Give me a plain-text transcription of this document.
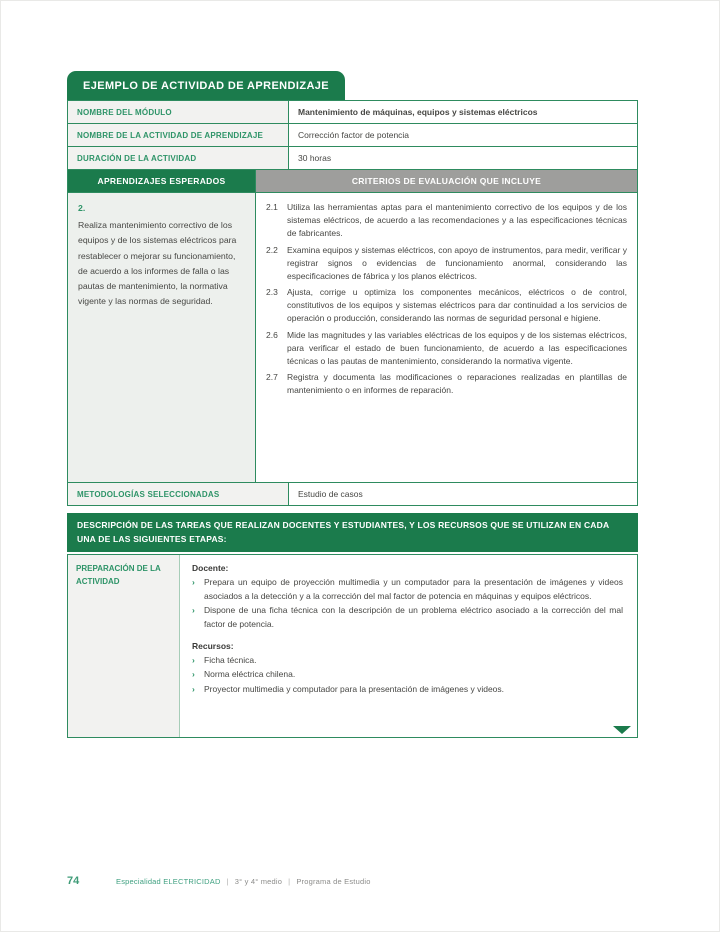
EJEMPLO DE ACTIVIDAD DE APRENDIZAJE
NOMBRE DEL MÓDULO	Mantenimiento de máquinas, equipos y sistemas eléctricos
NOMBRE DE LA ACTIVIDAD DE APRENDIZAJE	Corrección factor de potencia
DURACIÓN DE LA ACTIVIDAD	30 horas
APRENDIZAJES ESPERADOS	CRITERIOS DE EVALUACIÓN QUE INCLUYE
2.
Realiza mantenimiento correctivo de los equipos y de los sistemas eléctricos para restablecer o mejorar su funcionamiento, de acuerdo a los informes de falla o las pautas de mantenimiento, la normativa vigente y las normas de seguridad.
2.1	Utiliza las herramientas aptas para el mantenimiento correctivo de los equipos y de los sistemas eléctricos, de acuerdo a las recomendaciones y a las especificaciones técnicas de fabricantes.
2.2	Examina equipos y sistemas eléctricos, con apoyo de instrumentos, para medir, verificar y registrar signos o evidencias de funcionamiento anormal, considerando las especificaciones de fábrica y los planos eléctricos.
2.3	Ajusta, corrige u optimiza los componentes mecánicos, eléctricos o de control, constitutivos de los equipos y sistemas eléctricos para dar continuidad a los servicios de operación o producción, considerando las normas de seguridad personal e higiene.
2.6	Mide las magnitudes y las variables eléctricas de los equipos y de los sistemas eléctricos, para verificar el estado de buen funcionamiento, de acuerdo a las especificaciones técnicas o las pautas de mantenimiento, considerando la normativa vigente.
2.7	Registra y documenta las modificaciones o reparaciones realizadas en plantillas de mantenimiento o en informes de reparación.
METODOLOGÍAS SELECCIONADAS	Estudio de casos
DESCRIPCIÓN DE LAS TAREAS QUE REALIZAN DOCENTES Y ESTUDIANTES, Y LOS RECURSOS QUE SE UTILIZAN EN CADA UNA DE LAS SIGUIENTES ETAPAS:
PREPARACIÓN DE LA ACTIVIDAD

Docente:

›	Prepara un equipo de proyección multimedia y un computador para la presentación de imágenes y videos asociados a la detección y a la corrección del mal factor de potencia en máquinas y equipos eléctricos.
›	Dispone de una ficha técnica con la descripción de un problema eléctrico asociado a la corrección del mal factor de potencia.

Recursos:

›	Ficha técnica.
›	Norma eléctrica chilena.
›	Proyector multimedia y computador para la presentación de imágenes y videos.
74	Especialidad ELECTRICIDAD | 3° y 4° medio | Programa de Estudio
